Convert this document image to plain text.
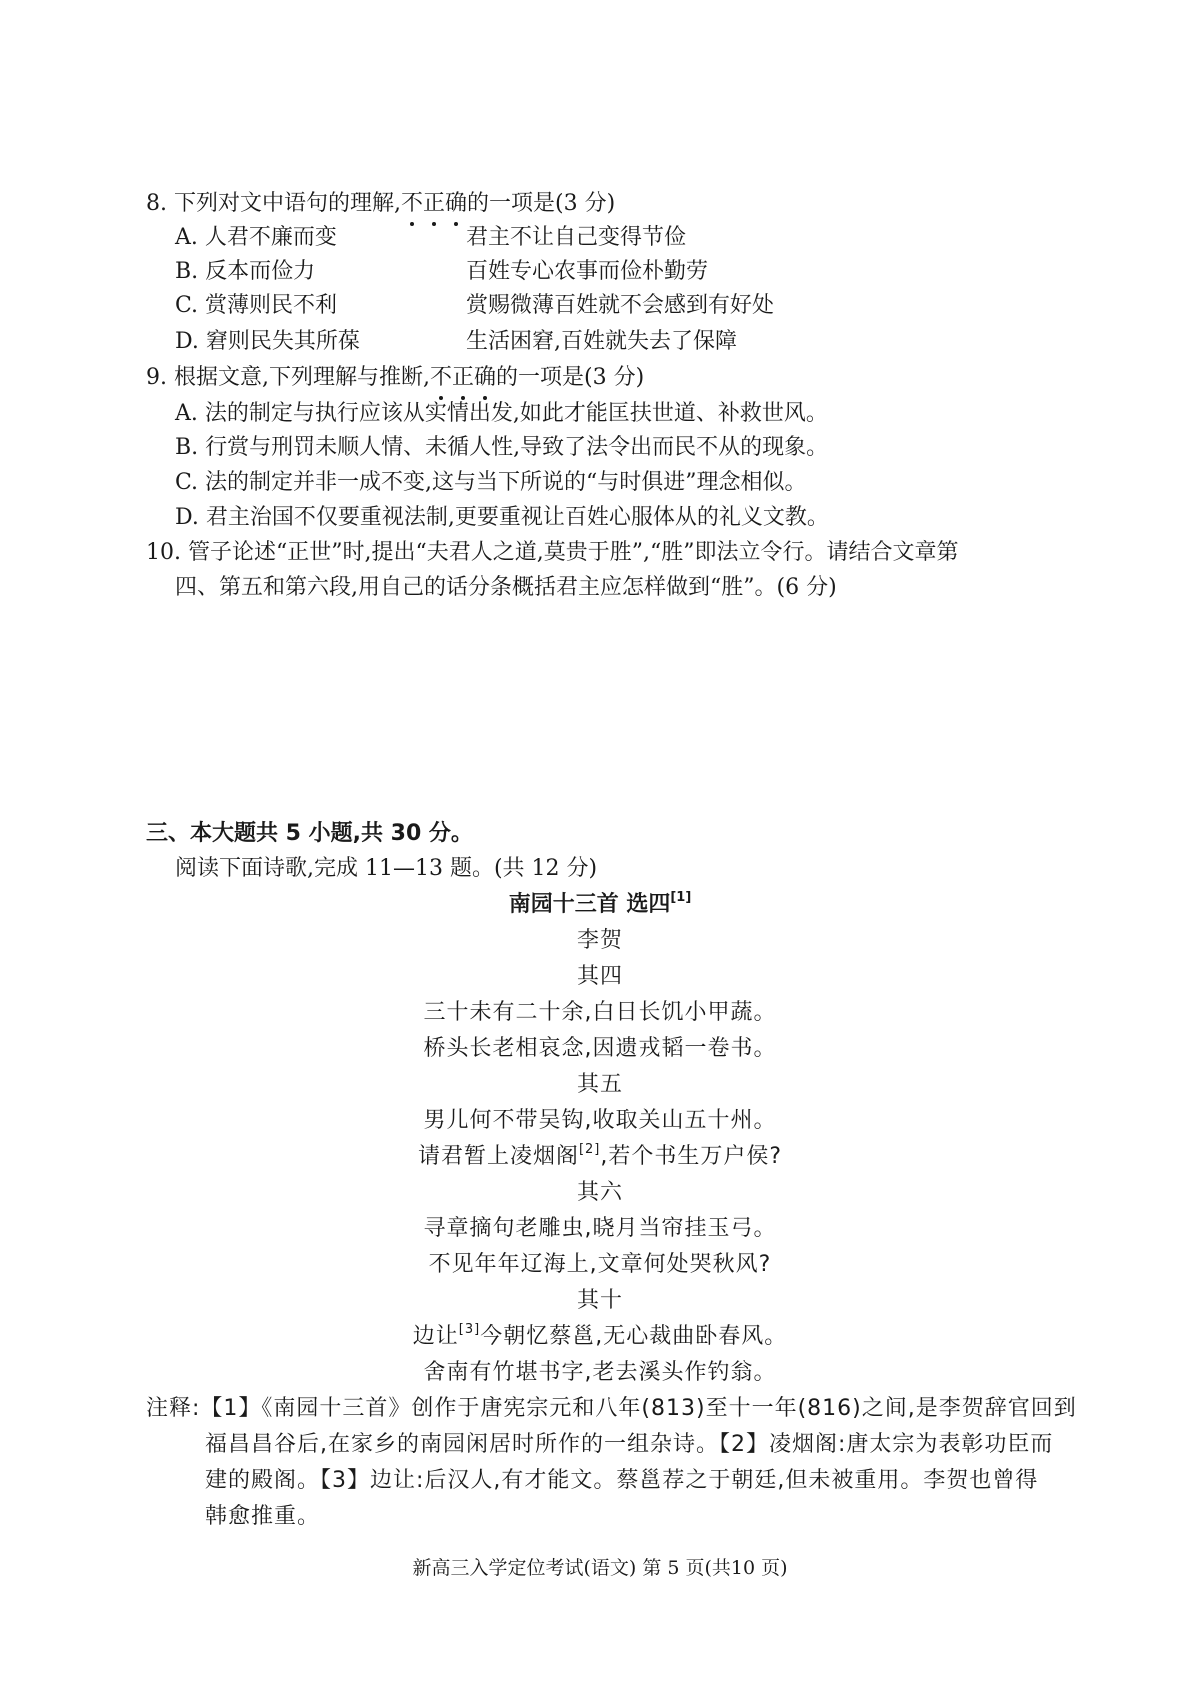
8. 下列对文中语句的理解,不正确的一项是(3 分)
A. 人君不廉而变	君主不让自己变得节俭
B. 反本而俭力	百姓专心农事而俭朴勤劳
C. 赏薄则民不利	赏赐微薄百姓就不会感到有好处
D. 窘则民失其所葆	生活困窘,百姓就失去了保障
9. 根据文意,下列理解与推断,不正确的一项是(3 分)
A. 法的制定与执行应该从实情出发,如此才能匡扶世道、补救世风。
B. 行赏与刑罚未顺人情、未循人性,导致了法令出而民不从的现象。
C. 法的制定并非一成不变,这与当下所说的“与时俱进”理念相似。
D. 君主治国不仅要重视法制,更要重视让百姓心服体从的礼义文教。
10. 管子论述“正世”时,提出“夫君人之道,莫贵于胜”,“胜”即法立令行。请结合文章第
四、第五和第六段,用自己的话分条概括君主应怎样做到“胜”。(6 分)
三、本大题共 5 小题,共 30 分。
阅读下面诗歌,完成 11—13 题。(共 12 分)
南园十三首 选四[1]
李贺
其四
三十未有二十余,白日长饥小甲蔬。
桥头长老相哀念,因遗戎韬一卷书。
其五
男儿何不带吴钩,收取关山五十州。
请君暂上凌烟阁[2],若个书生万户侯?
其六
寻章摘句老雕虫,晓月当帘挂玉弓。
不见年年辽海上,文章何处哭秋风?
其十
边让[3]今朝忆蔡邕,无心裁曲卧春风。
舍南有竹堪书字,老去溪头作钓翁。
注释:【1】《南园十三首》创作于唐宪宗元和八年(813)至十一年(816)之间,是李贺辞官回到
福昌昌谷后,在家乡的南园闲居时所作的一组杂诗。【2】凌烟阁:唐太宗为表彰功臣而
建的殿阁。【3】边让:后汉人,有才能文。蔡邕荐之于朝廷,但未被重用。李贺也曾得
韩愈推重。
新高三入学定位考试(语文) 第 5 页(共10 页)
